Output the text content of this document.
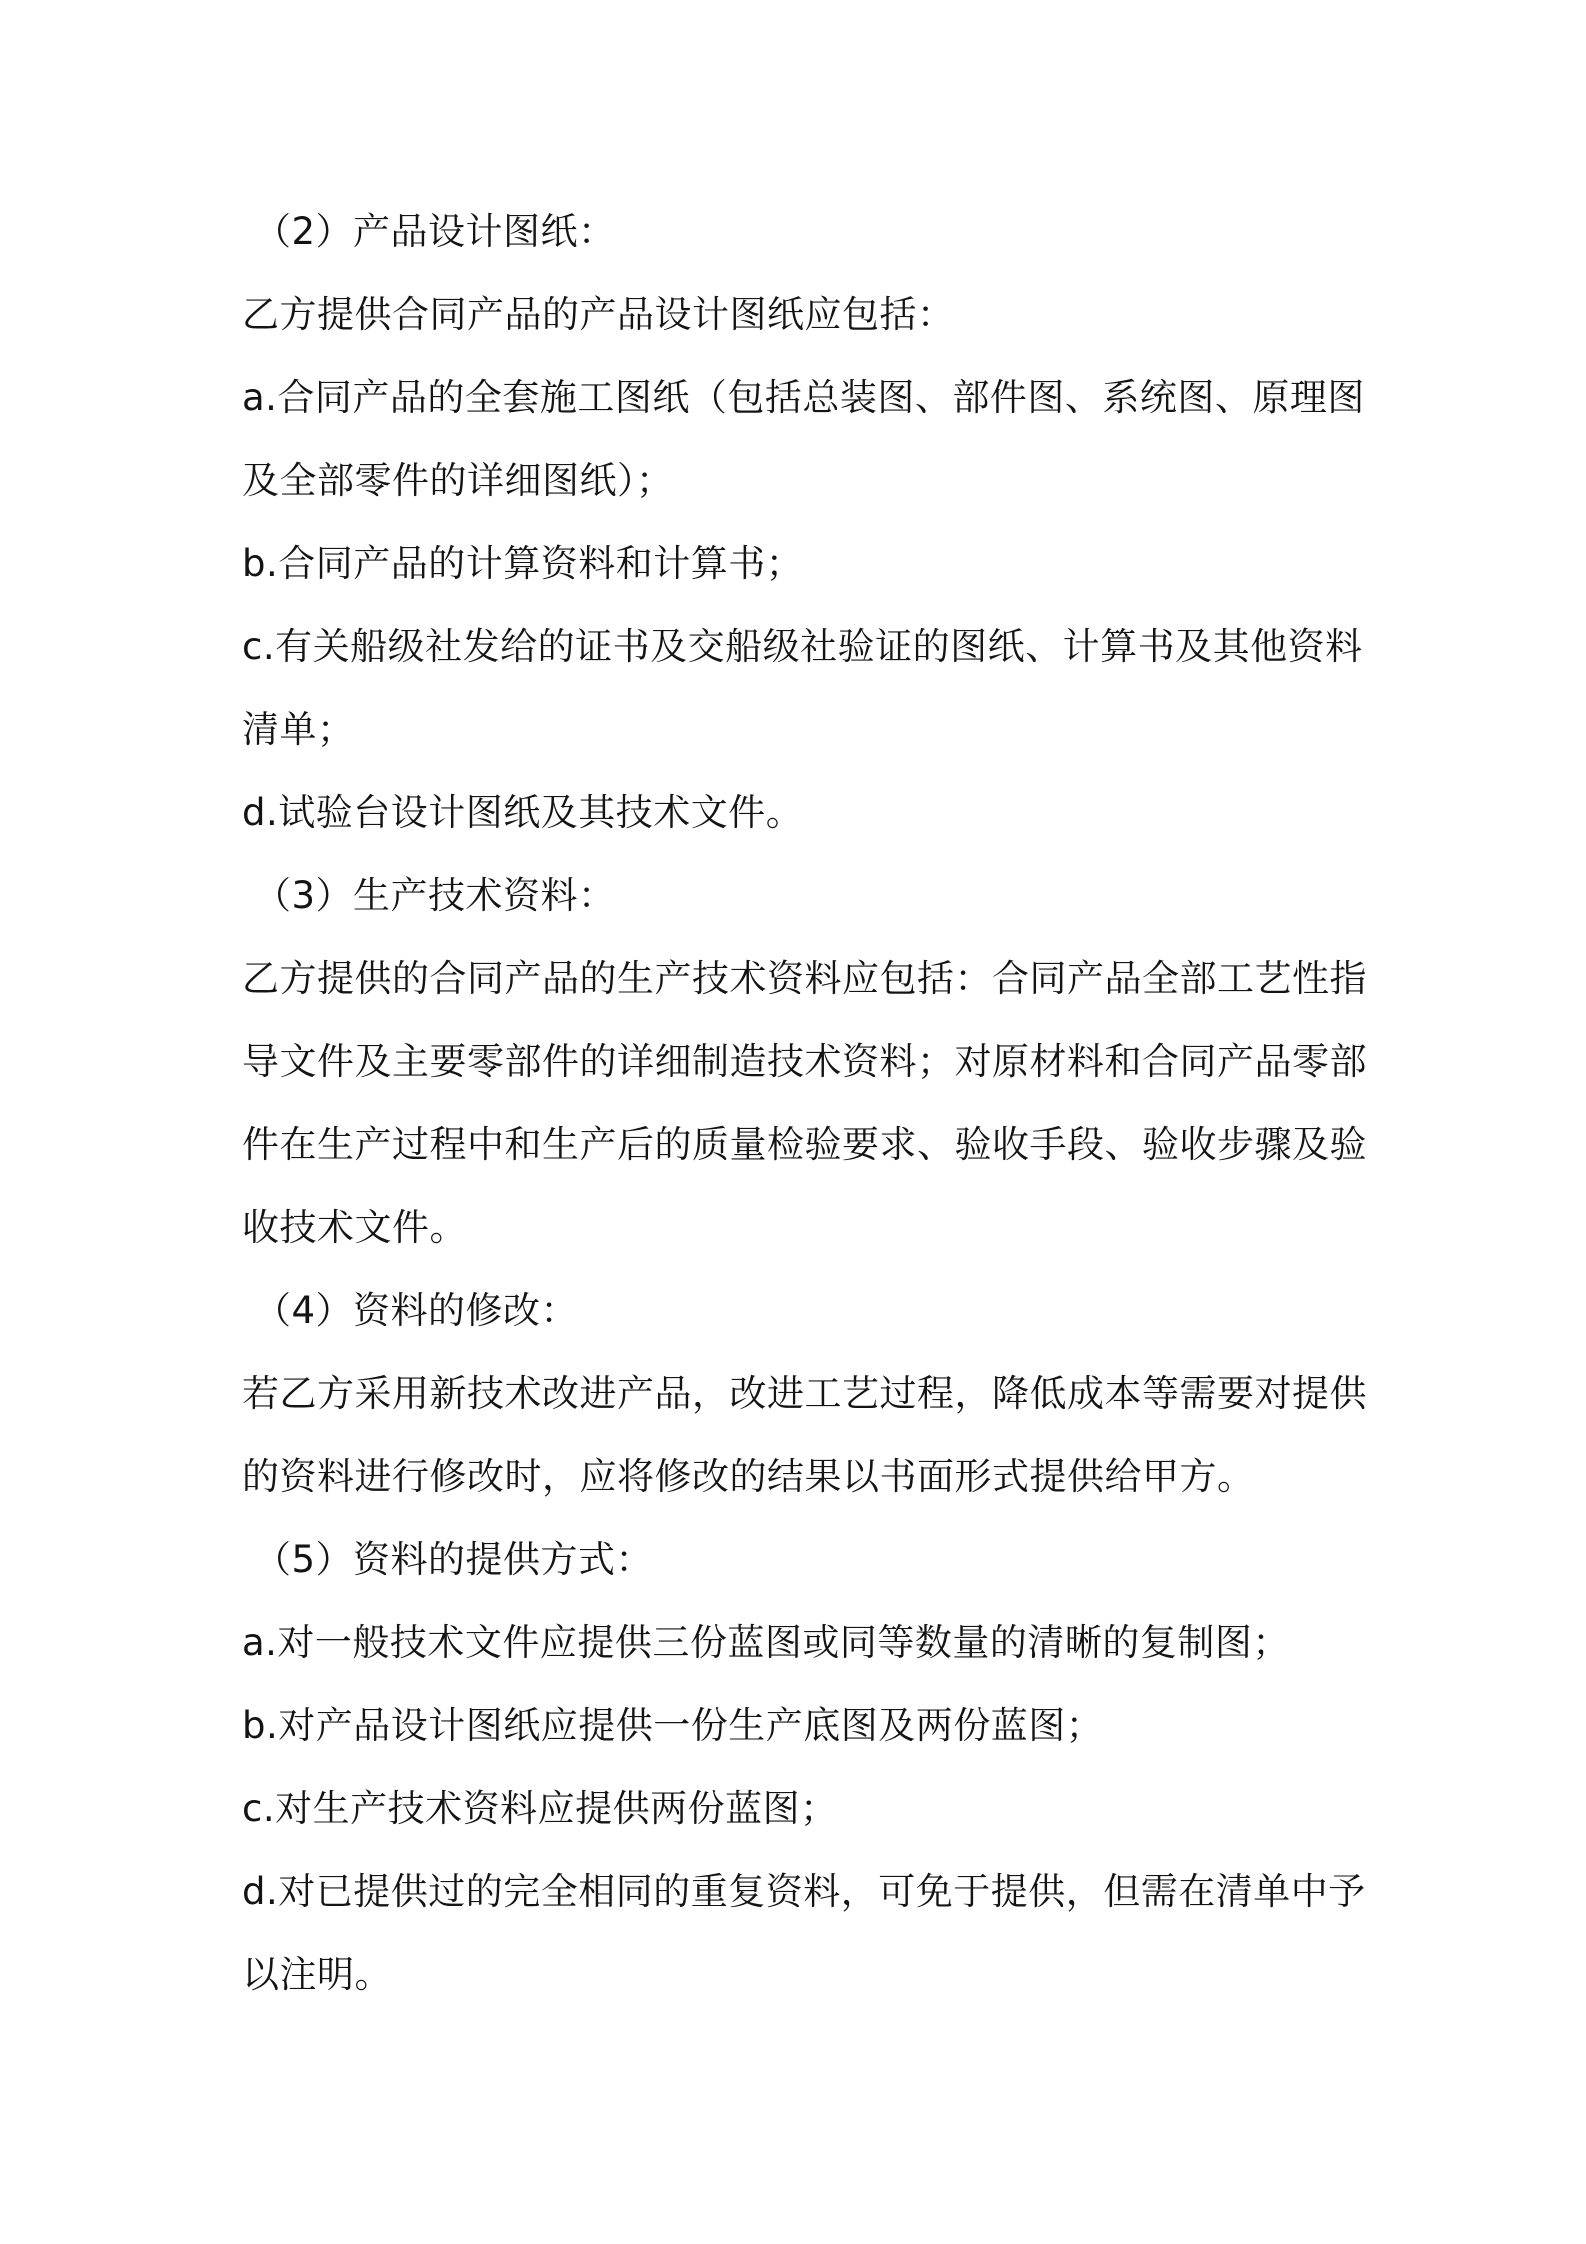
（2）产品设计图纸：
乙方提供合同产品的产品设计图纸应包括：
a.合同产品的全套施工图纸（包括总装图、部件图、系统图、原理图
及全部零件的详细图纸）；
b.合同产品的计算资料和计算书；
c.有关船级社发给的证书及交船级社验证的图纸、计算书及其他资料
清单；
d.试验台设计图纸及其技术文件。
（3）生产技术资料：
乙方提供的合同产品的生产技术资料应包括：合同产品全部工艺性指
导文件及主要零部件的详细制造技术资料；对原材料和合同产品零部
件在生产过程中和生产后的质量检验要求、验收手段、验收步骤及验
收技术文件。
（4）资料的修改：
若乙方采用新技术改进产品，改进工艺过程，降低成本等需要对提供
的资料进行修改时，应将修改的结果以书面形式提供给甲方。
（5）资料的提供方式：
a.对一般技术文件应提供三份蓝图或同等数量的清晰的复制图；
b.对产品设计图纸应提供一份生产底图及两份蓝图；
c.对生产技术资料应提供两份蓝图；
d.对已提供过的完全相同的重复资料，可免于提供，但需在清单中予
以注明。
